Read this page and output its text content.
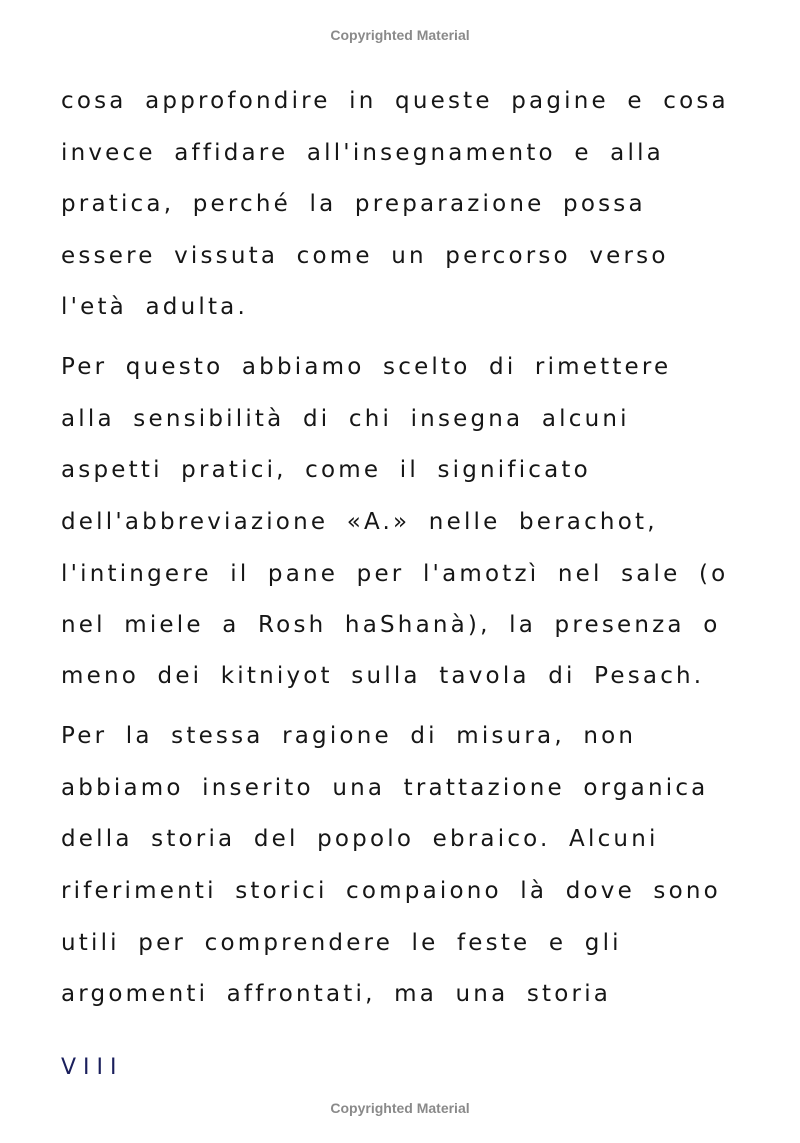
Copyrighted Material
cosa approfondire in queste pagine e cosa
invece affidare all'insegnamento e alla
pratica, perché la preparazione possa
essere vissuta come un percorso verso
l'età adulta.
Per questo abbiamo scelto di rimettere
alla sensibilità di chi insegna alcuni
aspetti pratici, come il significato
dell'abbreviazione «A.» nelle berachot,
l'intingere il pane per l'amotzì nel sale (o
nel miele a Rosh haShanà), la presenza o
meno dei kitniyot sulla tavola di Pesach.
Per la stessa ragione di misura, non
abbiamo inserito una trattazione organica
della storia del popolo ebraico. Alcuni
riferimenti storici compaiono là dove sono
utili per comprendere le feste e gli
argomenti affrontati, ma una storia
VIII
Copyrighted Material
